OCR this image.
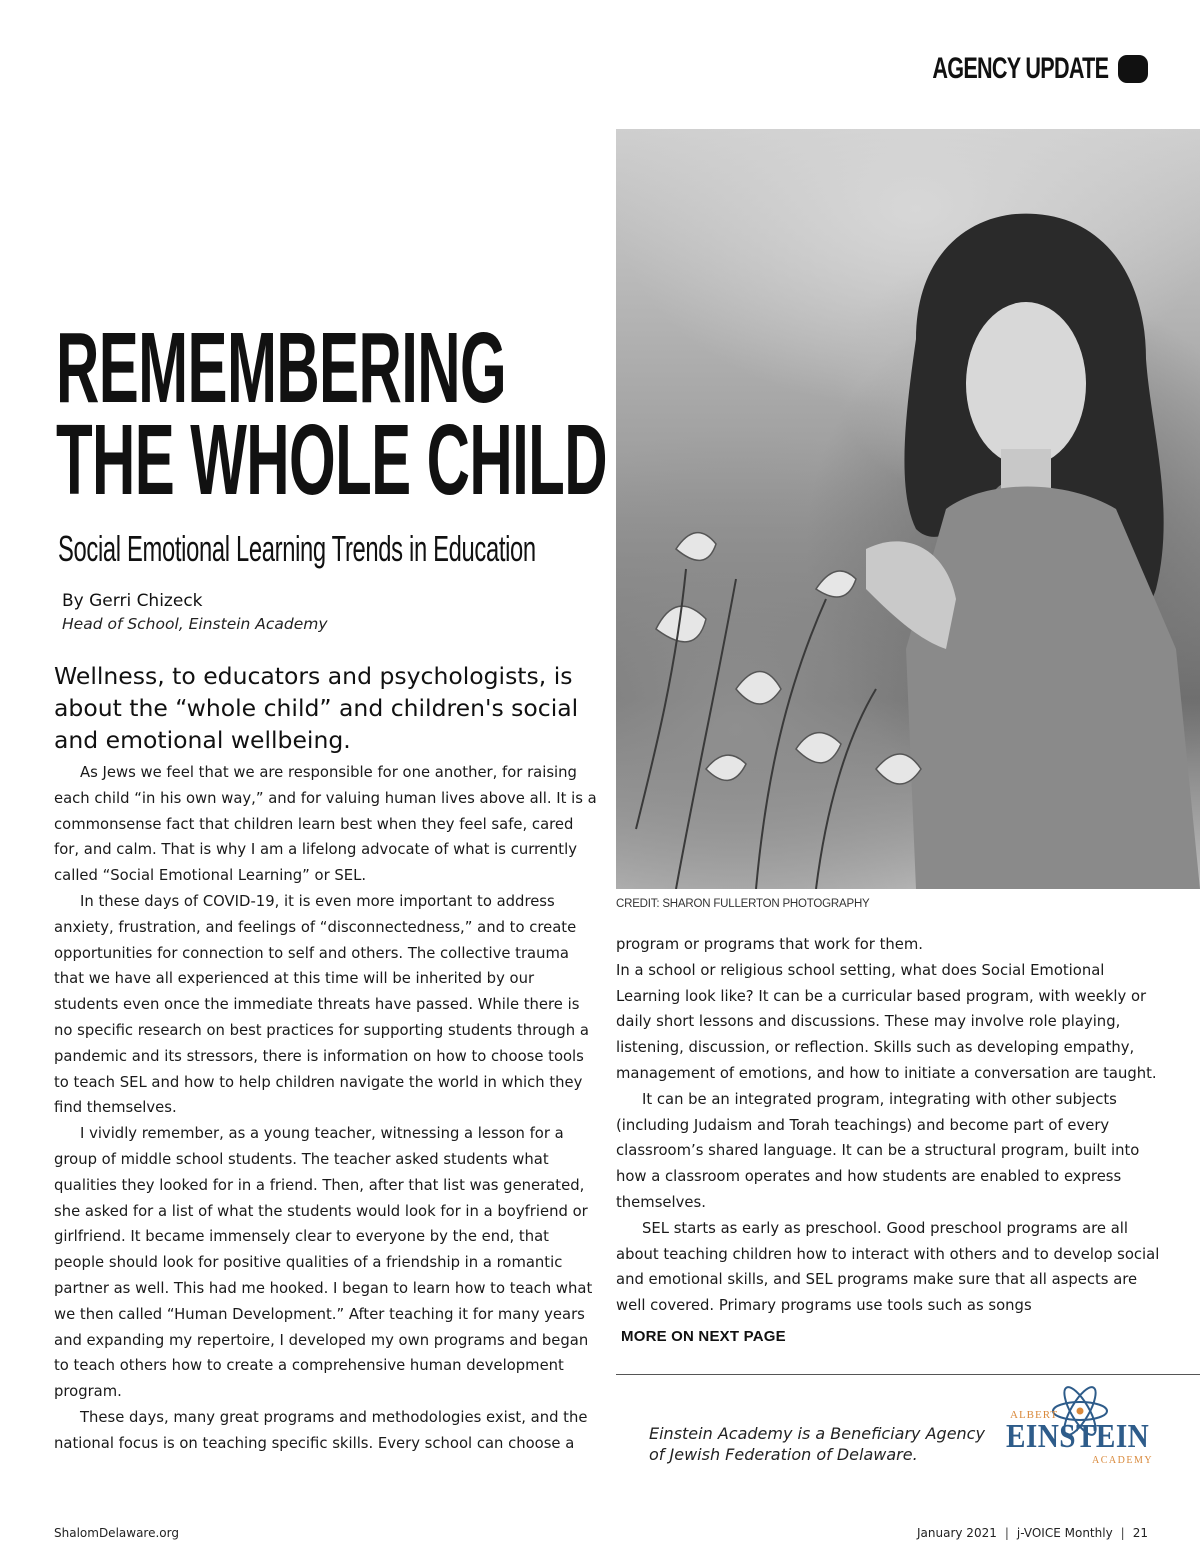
AGENCY UPDATE
CREDIT: SHARON FULLERTON PHOTOGRAPHY
REMEMBERING
THE WHOLE CHILD
Social Emotional Learning Trends in Education
By Gerri Chizeck
Head of School, Einstein Academy

Wellness, to educators and psychologists, is about the “whole child” and children's social and emotional wellbeing.

As Jews we feel that we are responsible for one another, for raising each child “in his own way,” and for valuing human lives above all. It is a commonsense fact that children learn best when they feel safe, cared for, and calm. That is why I am a lifelong advocate of what is currently called “Social Emotional Learning” or SEL.

In these days of COVID-19, it is even more important to address anxiety, frustration, and feelings of “disconnectedness,” and to create opportunities for connection to self and others. The collective trauma that we have all experienced at this time will be inherited by our students even once the immediate threats have passed. While there is no specific research on best practices for supporting students through a pandemic and its stressors, there is information on how to choose tools to teach SEL and how to help children navigate the world in which they find themselves.

I vividly remember, as a young teacher, witnessing a lesson for a group of middle school students. The teacher asked students what qualities they looked for in a friend. Then, after that list was generated, she asked for a list of what the students would look for in a boyfriend or girlfriend. It became immensely clear to everyone by the end, that people should look for positive qualities of a friendship in a romantic partner as well. This had me hooked. I began to learn how to teach what we then called “Human Development.” After teaching it for many years and expanding my repertoire, I developed my own programs and began to teach others how to create a comprehensive human development program.

These days, many great programs and methodologies exist, and the national focus is on teaching specific skills. Every school can choose a

program or programs that work for them.

In a school or religious school setting, what does Social Emotional Learning look like? It can be a curricular based program, with weekly or daily short lessons and discussions. These may involve role playing, listening, discussion, or reflection. Skills such as developing empathy, management of emotions, and how to initiate a conversation are taught.

It can be an integrated program, integrating with other subjects (including Judaism and Torah teachings) and become part of every classroom’s shared language. It can be a structural program, built into how a classroom operates and how students are enabled to express themselves.

SEL starts as early as preschool. Good preschool programs are all about teaching children how to interact with others and to develop social and emotional skills, and SEL programs make sure that all aspects are well covered. Primary programs use tools such as songs

MORE ON NEXT PAGE
Einstein Academy is a Beneficiary Agency
of Jewish Federation of Delaware.
ALBERT
EINSTEIN
ACADEMY
ShalomDelaware.org	January 2021 | j-VOICE Monthly | 21
